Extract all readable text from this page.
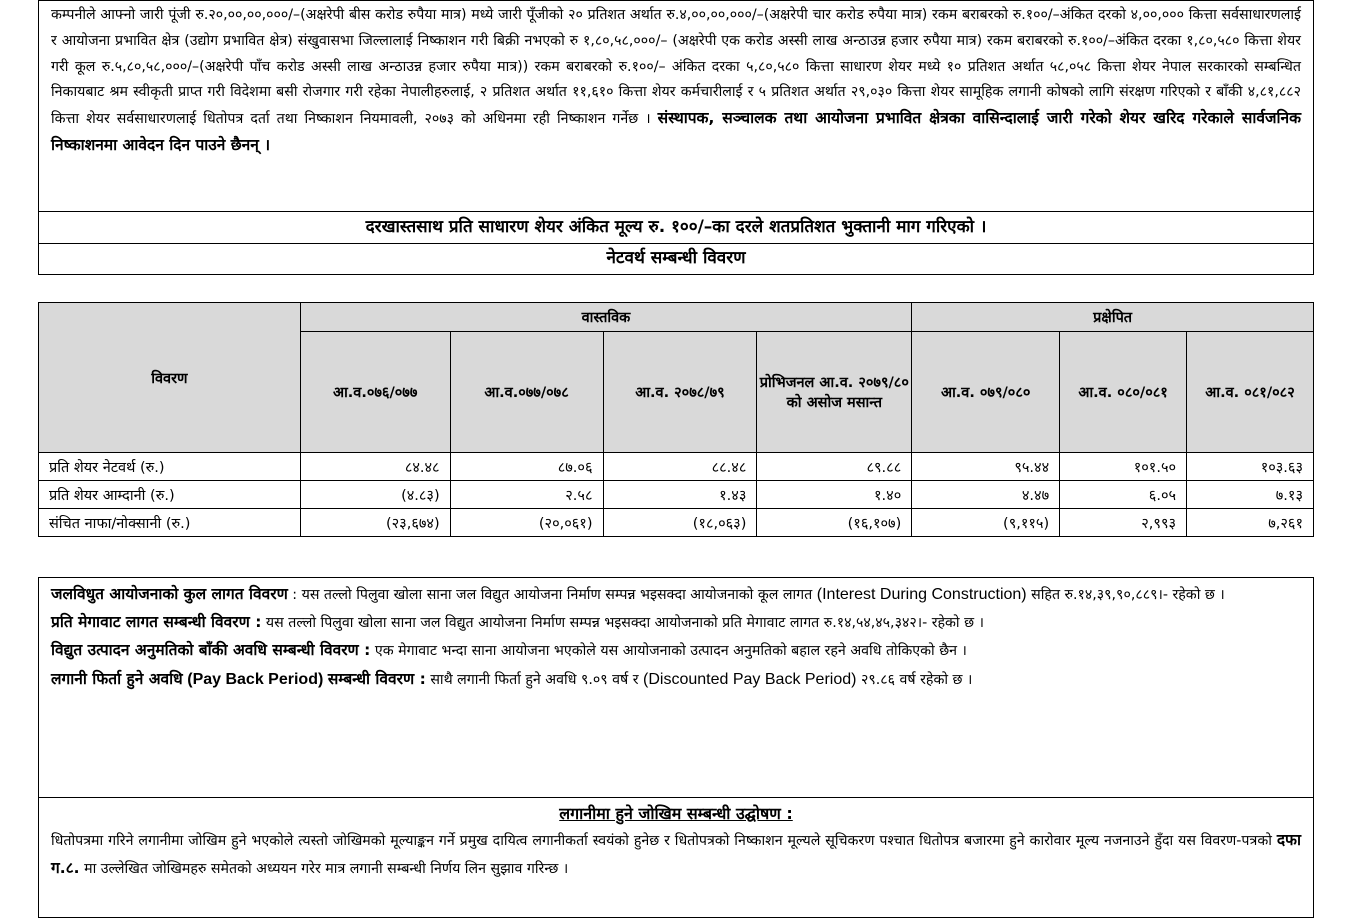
कम्पनीले आफ्नो जारी पूंजी रु.२०,००,००,०००/–(अक्षरेपी बीस करोड रुपैया मात्र) मध्ये जारी पूँजीको २० प्रतिशत अर्थात रु.४,००,००,०००/–(अक्षरेपी चार करोड रुपैया मात्र) रकम बराबरको रु.१००/–अंकित दरको ४,००,००० कित्ता सर्वसाधारणलाई र आयोजना प्रभावित क्षेत्र (उद्योग प्रभावित क्षेत्र) संखुवासभा जिल्लालाई निष्काशन गरी बिक्री नभएको रु १,८०,५८,०००/– (अक्षरेपी एक करोड अस्सी लाख अन्ठाउन्न हजार रुपैया मात्र) रकम बराबरको रु.१००/–अंकित दरका १,८०,५८० कित्ता शेयर गरी कूल रु.५,८०,५८,०००/–(अक्षरेपी पाँच करोड अस्सी लाख अन्ठाउन्न हजार रुपैया मात्र)) रकम बराबरको रु.१००/– अंकित दरका ५,८०,५८० कित्ता साधारण शेयर मध्ये १० प्रतिशत अर्थात ५८,०५८ कित्ता शेयर नेपाल सरकारको सम्बन्धित निकायबाट श्रम स्वीकृती प्राप्त गरी विदेशमा बसी रोजगार गरी रहेका नेपालीहरुलाई, २ प्रतिशत अर्थात ११,६१० कित्ता शेयर कर्मचारीलाई र ५ प्रतिशत अर्थात २९,०३० कित्ता शेयर सामूहिक लगानी कोषको लागि संरक्षण गरिएको र बाँकी ४,८१,८८२ कित्ता शेयर सर्वसाधारणलाई धितोपत्र दर्ता तथा निष्काशन नियमावली, २०७३ को अधिनमा रही निष्काशन गर्नेछ । संस्थापक, सञ्चालक तथा आयोजना प्रभावित क्षेत्रका वासिन्दालाई जारी गरेको शेयर खरिद गरेकाले सार्वजनिक निष्काशनमा आवेदन दिन पाउने छैनन् ।
दरखास्तसाथ प्रति साधारण शेयर अंकित मूल्य रु. १००/–का दरले शतप्रतिशत भुक्तानी माग गरिएको ।
नेटवर्थ सम्बन्धी विवरण
विवरण	वास्तविक				प्रक्षेपित		
	आ.व.०७६/०७७	आ.व.०७७/०७८	आ.व. २०७८/७९	प्रोभिजनल आ.व. २०७९/८० को असोज मसान्त	आ.व. ०७९/०८०	आ.व. ०८०/०८१	आ.व. ०८१/०८२
प्रति शेयर नेटवर्थ (रु.)	८४.४८	८७.०६	८८.४८	८९.८८	९५.४४	१०१.५०	१०३.६३
प्रति शेयर आम्दानी (रु.)	(४.८३)	२.५८	१.४३	१.४०	४.४७	६.०५	७.१३
संचित नाफा/नोक्सानी (रु.)	(२३,६७४)	(२०,०६१)	(१८,०६३)	(१६,१०७)	(९,११५)	२,९९३	७,२६१
जलविधुत आयोजनाको कुल लागत विवरण : यस तल्लो पिलुवा खोला साना जल विद्युत आयोजना निर्माण सम्पन्न भइसक्दा आयोजनाको कूल लागत (Interest During Construction) सहित रु.१४,३९,९०,८८९।- रहेको छ ।
प्रति मेगावाट लागत सम्बन्धी विवरण : यस तल्लो पिलुवा खोला साना जल विद्युत आयोजना निर्माण सम्पन्न भइसक्दा आयोजनाको प्रति मेगावाट लागत रु.१४,५४,४५,३४२।- रहेको छ ।
विद्युत उत्पादन अनुमतिको बाँकी अवधि सम्बन्धी विवरण : एक मेगावाट भन्दा साना आयोजना भएकोले यस आयोजनाको उत्पादन अनुमतिको बहाल रहने अवधि तोकिएको छैन ।
लगानी फिर्ता हुने अवधि (Pay Back Period) सम्बन्धी विवरण : साथै लगानी फिर्ता हुने अवधि ९.०९ वर्ष र (Discounted Pay Back Period) २९.८६ वर्ष रहेको छ ।
लगानीमा हुने जोखिम सम्बन्धी उद्घोषण :
धितोपत्रमा गरिने लगानीमा जोखिम हुने भएकोले त्यस्तो जोखिमको मूल्याङ्कन गर्ने प्रमुख दायित्व लगानीकर्ता स्वयंको हुनेछ र धितोपत्रको निष्काशन मूल्यले सूचिकरण पश्चात धितोपत्र बजारमा हुने कारोवार मूल्य नजनाउने हुँदा यस विवरण-पत्रको दफा ग.८. मा उल्लेखित जोखिमहरु समेतको अध्ययन गरेर मात्र लगानी सम्बन्धी निर्णय लिन सुझाव गरिन्छ ।
